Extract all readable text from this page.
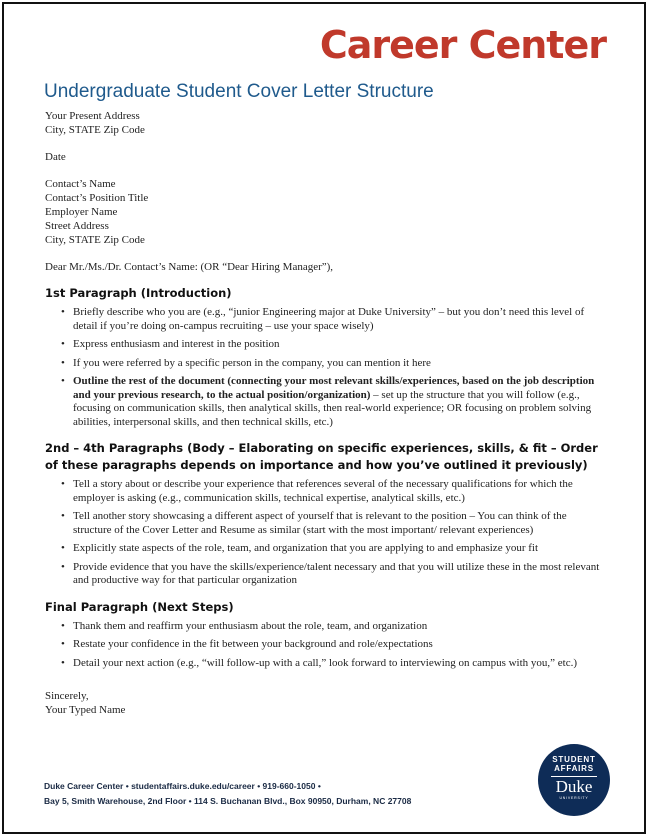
Career Center
Undergraduate Student Cover Letter Structure
Your Present Address
City, STATE Zip Code
Date
Contact’s Name
Contact’s Position Title
Employer Name
Street Address
City, STATE Zip Code
Dear Mr./Ms./Dr. Contact’s Name: (OR “Dear Hiring Manager”),
1st Paragraph (Introduction)
• Briefly describe who you are (e.g., “junior Engineering major at Duke University” – but you don’t need this level of detail if you’re doing on-campus recruiting – use your space wisely)
• Express enthusiasm and interest in the position
• If you were referred by a specific person in the company, you can mention it here
• Outline the rest of the document (connecting your most relevant skills/experiences, based on the job description and your previous research, to the actual position/organization) – set up the structure that you will follow (e.g., focusing on communication skills, then analytical skills, then real-world experience; OR focusing on problem solving abilities, interpersonal skills, and then technical skills, etc.)
2nd – 4th Paragraphs (Body – Elaborating on specific experiences, skills, & fit – Order of these paragraphs depends on importance and how you’ve outlined it previously)
• Tell a story about or describe your experience that references several of the necessary qualifications for which the employer is asking (e.g., communication skills, technical expertise, analytical skills, etc.)
• Tell another story showcasing a different aspect of yourself that is relevant to the position – You can think of the structure of the Cover Letter and Resume as similar (start with the most important/ relevant experiences)
• Explicitly state aspects of the role, team, and organization that you are applying to and emphasize your fit
• Provide evidence that you have the skills/experience/talent necessary and that you will utilize these in the most relevant and productive way for that particular organization
Final Paragraph (Next Steps)
• Thank them and reaffirm your enthusiasm about the role, team, and organization
• Restate your confidence in the fit between your background and role/expectations
• Detail your next action (e.g., “will follow-up with a call,” look forward to interviewing on campus with you,” etc.)
Sincerely,
Your Typed Name
Duke Career Center • studentaffairs.duke.edu/career • 919-660-1050 •
Bay 5, Smith Warehouse, 2nd Floor • 114 S. Buchanan Blvd., Box 90950, Durham, NC 27708
STUDENT
AFFAIRS
Duke
UNIVERSITY
